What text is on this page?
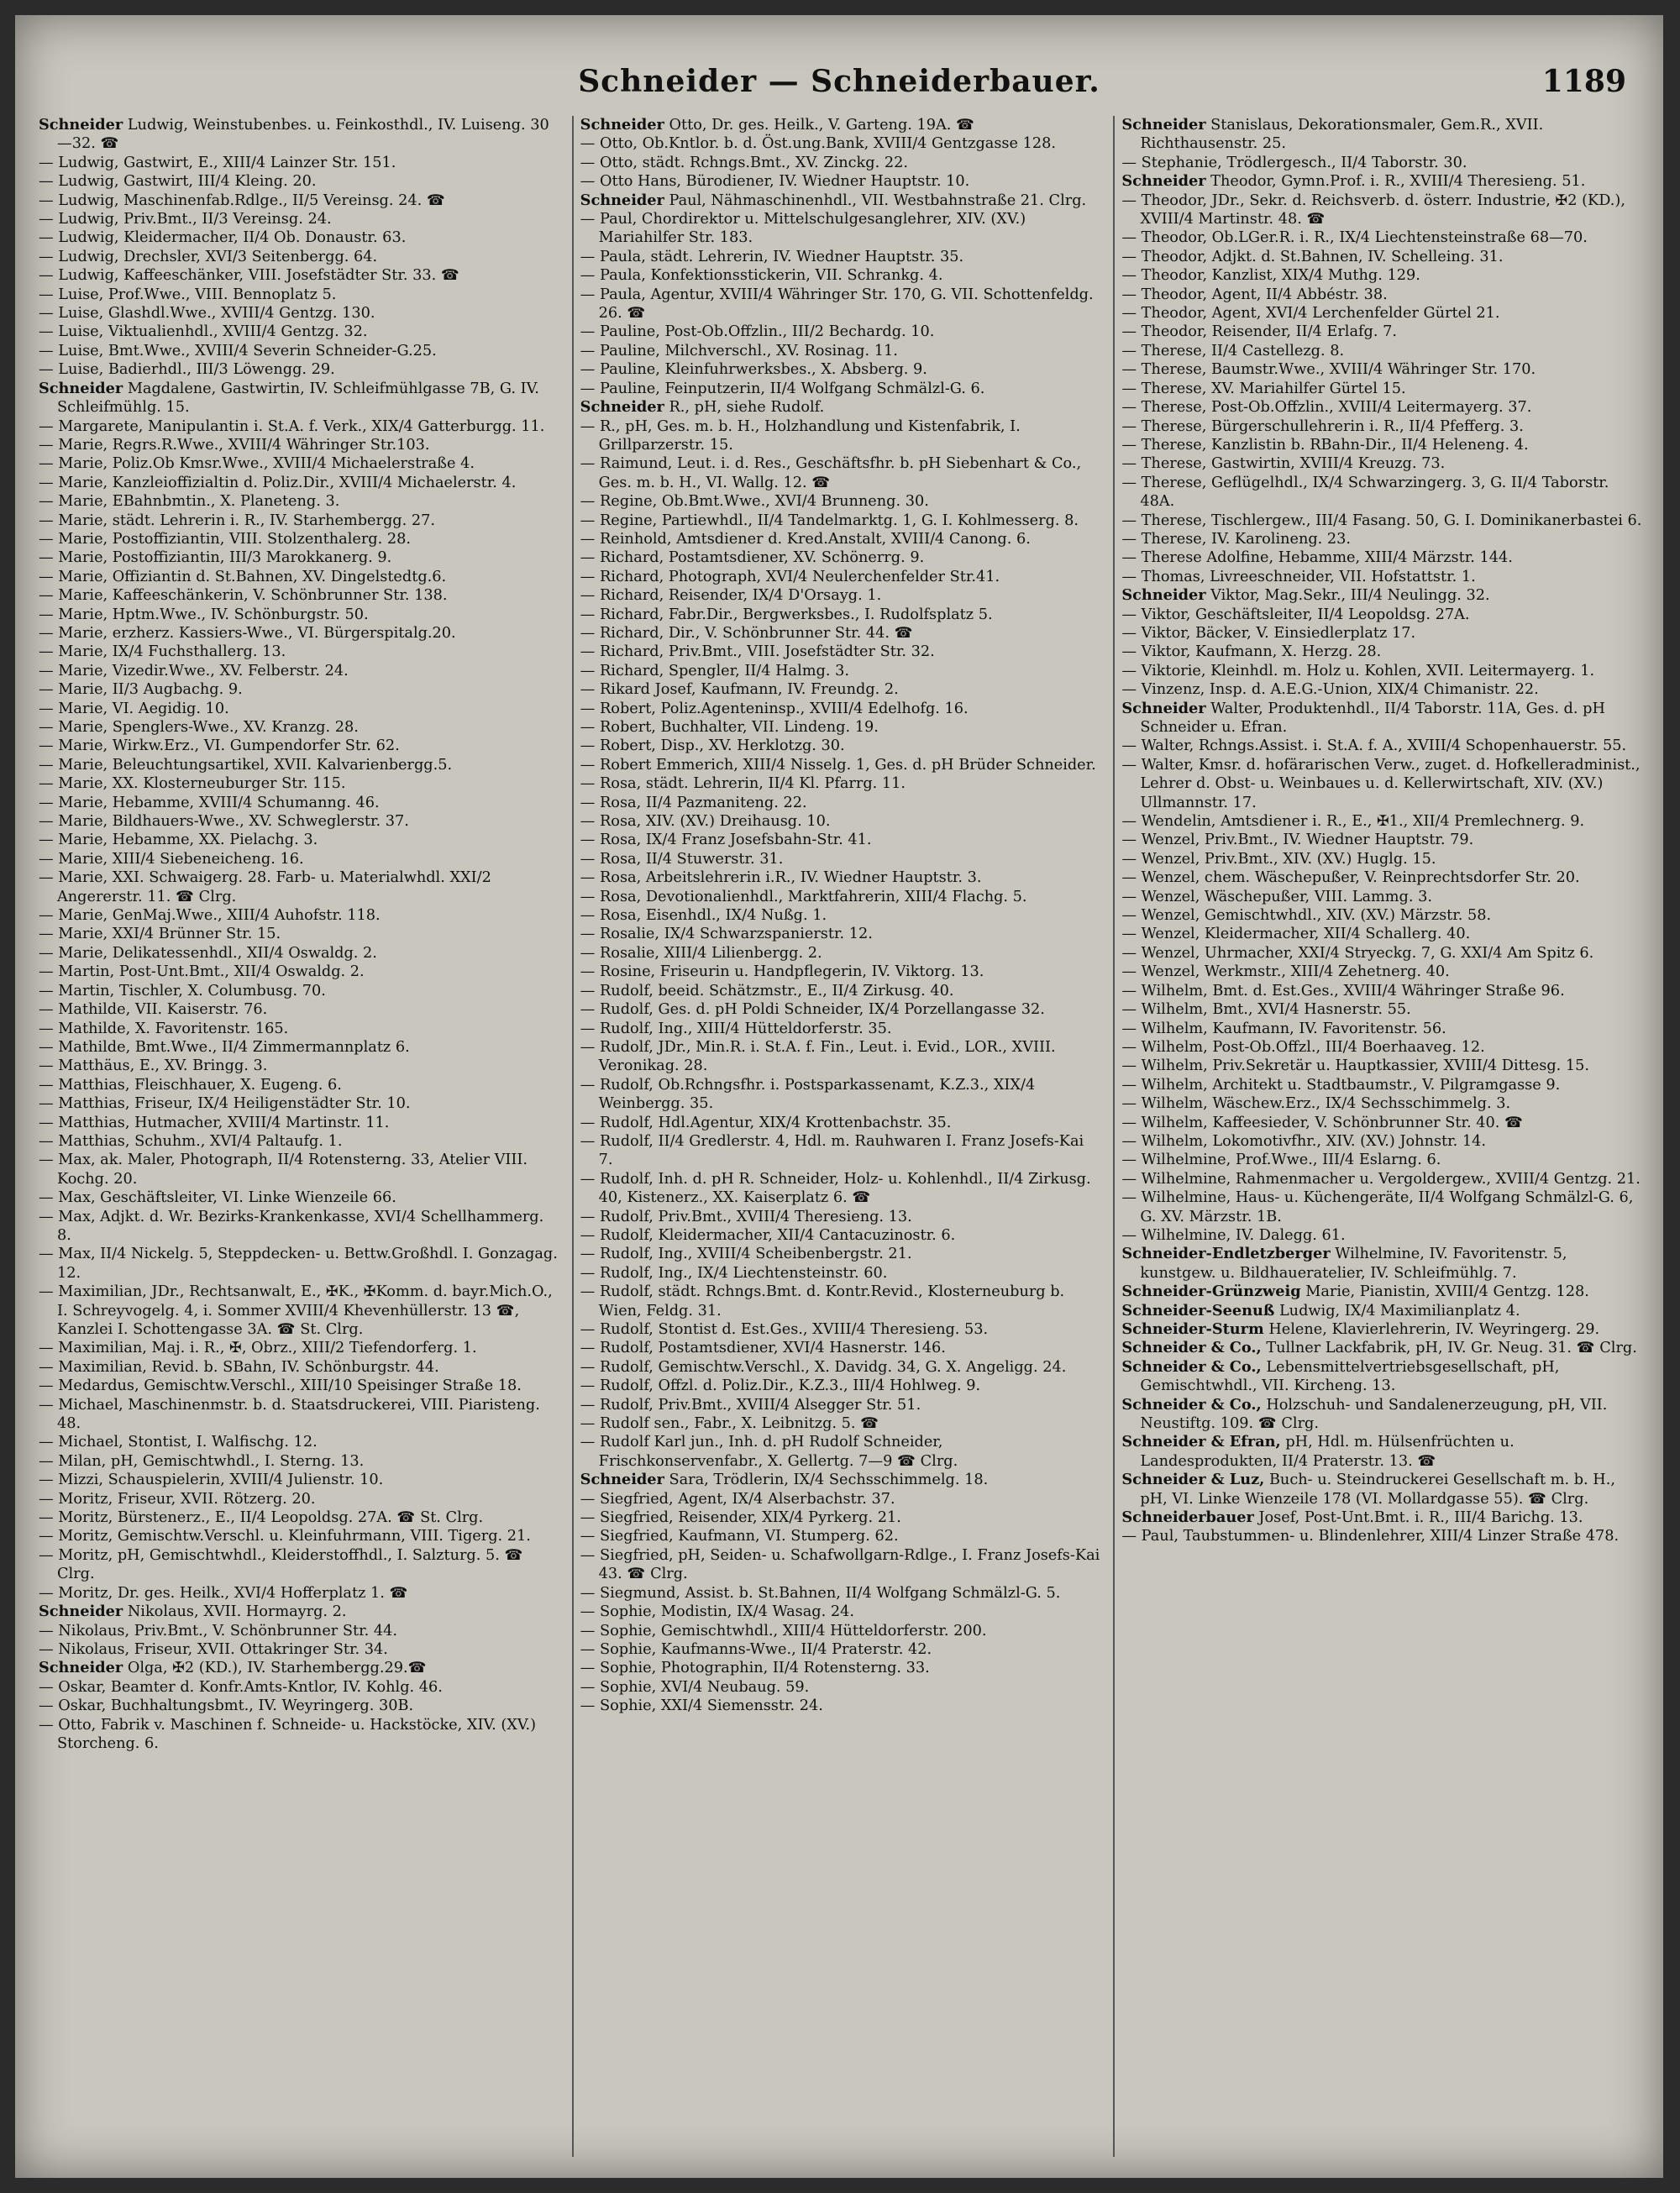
Schneider — Schneiderbauer.	1189

Schneider Ludwig, Weinstubenbes. u. Feinkosthdl., IV. Luiseng. 30—32. ☎

— Ludwig, Gastwirt, E., XIII/4 Lainzer Str. 151.

— Ludwig, Gastwirt, III/4 Kleing. 20.

— Ludwig, Maschinenfab.Rdlge., II/5 Vereinsg. 24. ☎

— Ludwig, Priv.Bmt., II/3 Vereinsg. 24.

— Ludwig, Kleidermacher, II/4 Ob. Donaustr. 63.

— Ludwig, Drechsler, XVI/3 Seitenbergg. 64.

— Ludwig, Kaffeeschänker, VIII. Josefstädter Str. 33. ☎

— Luise, Prof.Wwe., VIII. Bennoplatz 5.

— Luise, Glashdl.Wwe., XVIII/4 Gentzg. 130.

— Luise, Viktualienhdl., XVIII/4 Gentzg. 32.

— Luise, Bmt.Wwe., XVIII/4 Severin Schneider-G.25.

— Luise, Badierhdl., III/3 Löwengg. 29.

Schneider Magdalene, Gastwirtin, IV. Schleifmühlgasse 7B, G. IV. Schleifmühlg. 15.

— Margarete, Manipulantin i. St.A. f. Verk., XIX/4 Gatterburgg. 11.

— Marie, Regrs.R.Wwe., XVIII/4 Währinger Str.103.

— Marie, Poliz.Ob Kmsr.Wwe., XVIII/4 Michaelerstraße 4.

— Marie, Kanzleioffizialtin d. Poliz.Dir., XVIII/4 Michaelerstr. 4.

— Marie, EBahnbmtin., X. Planeteng. 3.

— Marie, städt. Lehrerin i. R., IV. Starhembergg. 27.

— Marie, Postoffiziantin, VIII. Stolzenthalerg. 28.

— Marie, Postoffiziantin, III/3 Marokkanerg. 9.

— Marie, Offiziantin d. St.Bahnen, XV. Dingelstedtg.6.

— Marie, Kaffeeschänkerin, V. Schönbrunner Str. 138.

— Marie, Hptm.Wwe., IV. Schönburgstr. 50.

— Marie, erzherz. Kassiers-Wwe., VI. Bürgerspitalg.20.

— Marie, IX/4 Fuchsthallerg. 13.

— Marie, Vizedir.Wwe., XV. Felberstr. 24.

— Marie, II/3 Augbachg. 9.

— Marie, VI. Aegidig. 10.

— Marie, Spenglers-Wwe., XV. Kranzg. 28.

— Marie, Wirkw.Erz., VI. Gumpendorfer Str. 62.

— Marie, Beleuchtungsartikel, XVII. Kalvarienbergg.5.

— Marie, XX. Klosterneuburger Str. 115.

— Marie, Hebamme, XVIII/4 Schumanng. 46.

— Marie, Bildhauers-Wwe., XV. Schweglerstr. 37.

— Marie, Hebamme, XX. Pielachg. 3.

— Marie, XIII/4 Siebeneicheng. 16.

— Marie, XXI. Schwaigerg. 28. Farb- u. Materialwhdl. XXI/2 Angererstr. 11. ☎ Clrg.

— Marie, GenMaj.Wwe., XIII/4 Auhofstr. 118.

— Marie, XXI/4 Brünner Str. 15.

— Marie, Delikatessenhdl., XII/4 Oswaldg. 2.

— Martin, Post-Unt.Bmt., XII/4 Oswaldg. 2.

— Martin, Tischler, X. Columbusg. 70.

— Mathilde, VII. Kaiserstr. 76.

— Mathilde, X. Favoritenstr. 165.

— Mathilde, Bmt.Wwe., II/4 Zimmermannplatz 6.

— Matthäus, E., XV. Bringg. 3.

— Matthias, Fleischhauer, X. Eugeng. 6.

— Matthias, Friseur, IX/4 Heiligenstädter Str. 10.

— Matthias, Hutmacher, XVIII/4 Martinstr. 11.

— Matthias, Schuhm., XVI/4 Paltaufg. 1.

— Max, ak. Maler, Photograph, II/4 Rotensterng. 33, Atelier VIII. Kochg. 20.

— Max, Geschäftsleiter, VI. Linke Wienzeile 66.

— Max, Adjkt. d. Wr. Bezirks-Krankenkasse, XVI/4 Schellhammerg. 8.

— Max, II/4 Nickelg. 5, Steppdecken- u. Bettw.Großhdl. I. Gonzagag. 12.

— Maximilian, JDr., Rechtsanwalt, E., ✠K., ✠Komm. d. bayr.Mich.O., I. Schreyvogelg. 4, i. Sommer XVIII/4 Khevenhüllerstr. 13 ☎, Kanzlei I. Schottengasse 3A. ☎ St. Clrg.

— Maximilian, Maj. i. R., ✠, Obrz., XIII/2 Tiefendorferg. 1.

— Maximilian, Revid. b. SBahn, IV. Schönburgstr. 44.

— Medardus, Gemischtw.Verschl., XIII/10 Speisinger Straße 18.

— Michael, Maschinenmstr. b. d. Staatsdruckerei, VIII. Piaristeng. 48.

— Michael, Stontist, I. Walfischg. 12.

— Milan, pH, Gemischtwhdl., I. Sterng. 13.

— Mizzi, Schauspielerin, XVIII/4 Julienstr. 10.

— Moritz, Friseur, XVII. Rötzerg. 20.

— Moritz, Bürstenerz., E., II/4 Leopoldsg. 27A. ☎ St. Clrg.

— Moritz, Gemischtw.Verschl. u. Kleinfuhrmann, VIII. Tigerg. 21.

— Moritz, pH, Gemischtwhdl., Kleiderstoffhdl., I. Salzturg. 5. ☎ Clrg.

— Moritz, Dr. ges. Heilk., XVI/4 Hofferplatz 1. ☎

Schneider Nikolaus, XVII. Hormayrg. 2.

— Nikolaus, Priv.Bmt., V. Schönbrunner Str. 44.

— Nikolaus, Friseur, XVII. Ottakringer Str. 34.

Schneider Olga, ✠2 (KD.), IV. Starhembergg.29.☎

— Oskar, Beamter d. Konfr.Amts-Kntlor, IV. Kohlg. 46.

— Oskar, Buchhaltungsbmt., IV. Weyringerg. 30B.

— Otto, Fabrik v. Maschinen f. Schneide- u. Hackstöcke, XIV. (XV.) Storcheng. 6.

Schneider Otto, Dr. ges. Heilk., V. Garteng. 19A. ☎

— Otto, Ob.Kntlor. b. d. Öst.ung.Bank, XVIII/4 Gentzgasse 128.

— Otto, städt. Rchngs.Bmt., XV. Zinckg. 22.

— Otto Hans, Bürodiener, IV. Wiedner Hauptstr. 10.

Schneider Paul, Nähmaschinenhdl., VII. Westbahnstraße 21. Clrg.

— Paul, Chordirektor u. Mittelschulgesanglehrer, XIV. (XV.) Mariahilfer Str. 183.

— Paula, städt. Lehrerin, IV. Wiedner Hauptstr. 35.

— Paula, Konfektionsstickerin, VII. Schrankg. 4.

— Paula, Agentur, XVIII/4 Währinger Str. 170, G. VII. Schottenfeldg. 26. ☎

— Pauline, Post-Ob.Offzlin., III/2 Bechardg. 10.

— Pauline, Milchverschl., XV. Rosinag. 11.

— Pauline, Kleinfuhrwerksbes., X. Absberg. 9.

— Pauline, Feinputzerin, II/4 Wolfgang Schmälzl-G. 6.

Schneider R., pH, siehe Rudolf.

— R., pH, Ges. m. b. H., Holzhandlung und Kistenfabrik, I. Grillparzerstr. 15.

— Raimund, Leut. i. d. Res., Geschäftsfhr. b. pH Siebenhart & Co., Ges. m. b. H., VI. Wallg. 12. ☎

— Regine, Ob.Bmt.Wwe., XVI/4 Brunneng. 30.

— Regine, Partiewhdl., II/4 Tandelmarktg. 1, G. I. Kohlmesserg. 8.

— Reinhold, Amtsdiener d. Kred.Anstalt, XVIII/4 Canong. 6.

— Richard, Postamtsdiener, XV. Schönerrg. 9.

— Richard, Photograph, XVI/4 Neulerchenfelder Str.41.

— Richard, Reisender, IX/4 D'Orsayg. 1.

— Richard, Fabr.Dir., Bergwerksbes., I. Rudolfsplatz 5.

— Richard, Dir., V. Schönbrunner Str. 44. ☎

— Richard, Priv.Bmt., VIII. Josefstädter Str. 32.

— Richard, Spengler, II/4 Halmg. 3.

— Rikard Josef, Kaufmann, IV. Freundg. 2.

— Robert, Poliz.Agenteninsp., XVIII/4 Edelhofg. 16.

— Robert, Buchhalter, VII. Lindeng. 19.

— Robert, Disp., XV. Herklotzg. 30.

— Robert Emmerich, XIII/4 Nisselg. 1, Ges. d. pH Brüder Schneider.

— Rosa, städt. Lehrerin, II/4 Kl. Pfarrg. 11.

— Rosa, II/4 Pazmaniteng. 22.

— Rosa, XIV. (XV.) Dreihausg. 10.

— Rosa, IX/4 Franz Josefsbahn-Str. 41.

— Rosa, II/4 Stuwerstr. 31.

— Rosa, Arbeitslehrerin i.R., IV. Wiedner Hauptstr. 3.

— Rosa, Devotionalienhdl., Marktfahrerin, XIII/4 Flachg. 5.

— Rosa, Eisenhdl., IX/4 Nußg. 1.

— Rosalie, IX/4 Schwarzspanierstr. 12.

— Rosalie, XIII/4 Lilienbergg. 2.

— Rosine, Friseurin u. Handpflegerin, IV. Viktorg. 13.

— Rudolf, beeid. Schätzmstr., E., II/4 Zirkusg. 40.

— Rudolf, Ges. d. pH Poldi Schneider, IX/4 Porzellangasse 32.

— Rudolf, Ing., XIII/4 Hütteldorferstr. 35.

— Rudolf, JDr., Min.R. i. St.A. f. Fin., Leut. i. Evid., LOR., XVIII. Veronikag. 28.

— Rudolf, Ob.Rchngsfhr. i. Postsparkassenamt, K.Z.3., XIX/4 Weinbergg. 35.

— Rudolf, Hdl.Agentur, XIX/4 Krottenbachstr. 35.

— Rudolf, II/4 Gredlerstr. 4, Hdl. m. Rauhwaren I. Franz Josefs-Kai 7.

— Rudolf, Inh. d. pH R. Schneider, Holz- u. Kohlenhdl., II/4 Zirkusg. 40, Kistenerz., XX. Kaiserplatz 6. ☎

— Rudolf, Priv.Bmt., XVIII/4 Theresieng. 13.

— Rudolf, Kleidermacher, XII/4 Cantacuzinostr. 6.

— Rudolf, Ing., XVIII/4 Scheibenbergstr. 21.

— Rudolf, Ing., IX/4 Liechtensteinstr. 60.

— Rudolf, städt. Rchngs.Bmt. d. Kontr.Revid., Klosterneuburg b. Wien, Feldg. 31.

— Rudolf, Stontist d. Est.Ges., XVIII/4 Theresieng. 53.

— Rudolf, Postamtsdiener, XVI/4 Hasnerstr. 146.

— Rudolf, Gemischtw.Verschl., X. Davidg. 34, G. X. Angeligg. 24.

— Rudolf, Offzl. d. Poliz.Dir., K.Z.3., III/4 Hohlweg. 9.

— Rudolf, Priv.Bmt., XVIII/4 Alsegger Str. 51.

— Rudolf sen., Fabr., X. Leibnitzg. 5. ☎

— Rudolf Karl jun., Inh. d. pH Rudolf Schneider, Frischkonservenfabr., X. Gellertg. 7—9 ☎ Clrg.

Schneider Sara, Trödlerin, IX/4 Sechsschimmelg. 18.

— Siegfried, Agent, IX/4 Alserbachstr. 37.

— Siegfried, Reisender, XIX/4 Pyrkerg. 21.

— Siegfried, Kaufmann, VI. Stumperg. 62.

— Siegfried, pH, Seiden- u. Schafwollgarn-Rdlge., I. Franz Josefs-Kai 43. ☎ Clrg.

— Siegmund, Assist. b. St.Bahnen, II/4 Wolfgang Schmälzl-G. 5.

— Sophie, Modistin, IX/4 Wasag. 24.

— Sophie, Gemischtwhdl., XIII/4 Hütteldorferstr. 200.

— Sophie, Kaufmanns-Wwe., II/4 Praterstr. 42.

— Sophie, Photographin, II/4 Rotensterng. 33.

— Sophie, XVI/4 Neubaug. 59.

— Sophie, XXI/4 Siemensstr. 24.

Schneider Stanislaus, Dekorationsmaler, Gem.R., XVII. Richthausenstr. 25.

— Stephanie, Trödlergesch., II/4 Taborstr. 30.

Schneider Theodor, Gymn.Prof. i. R., XVIII/4 Theresieng. 51.

— Theodor, JDr., Sekr. d. Reichsverb. d. österr. Industrie, ✠2 (KD.), XVIII/4 Martinstr. 48. ☎

— Theodor, Ob.LGer.R. i. R., IX/4 Liechtensteinstraße 68—70.

— Theodor, Adjkt. d. St.Bahnen, IV. Schelleing. 31.

— Theodor, Kanzlist, XIX/4 Muthg. 129.

— Theodor, Agent, II/4 Abbéstr. 38.

— Theodor, Agent, XVI/4 Lerchenfelder Gürtel 21.

— Theodor, Reisender, II/4 Erlafg. 7.

— Therese, II/4 Castellezg. 8.

— Therese, Baumstr.Wwe., XVIII/4 Währinger Str. 170.

— Therese, XV. Mariahilfer Gürtel 15.

— Therese, Post-Ob.Offzlin., XVIII/4 Leitermayerg. 37.

— Therese, Bürgerschullehrerin i. R., II/4 Pfefferg. 3.

— Therese, Kanzlistin b. RBahn-Dir., II/4 Heleneng. 4.

— Therese, Gastwirtin, XVIII/4 Kreuzg. 73.

— Therese, Geflügelhdl., IX/4 Schwarzingerg. 3, G. II/4 Taborstr. 48A.

— Therese, Tischlergew., III/4 Fasang. 50, G. I. Dominikanerbastei 6.

— Therese, IV. Karolineng. 23.

— Therese Adolfine, Hebamme, XIII/4 Märzstr. 144.

— Thomas, Livreeschneider, VII. Hofstattstr. 1.

Schneider Viktor, Mag.Sekr., III/4 Neulingg. 32.

— Viktor, Geschäftsleiter, II/4 Leopoldsg. 27A.

— Viktor, Bäcker, V. Einsiedlerplatz 17.

— Viktor, Kaufmann, X. Herzg. 28.

— Viktorie, Kleinhdl. m. Holz u. Kohlen, XVII. Leitermayerg. 1.

— Vinzenz, Insp. d. A.E.G.-Union, XIX/4 Chimanistr. 22.

Schneider Walter, Produktenhdl., II/4 Taborstr. 11A, Ges. d. pH Schneider u. Efran.

— Walter, Rchngs.Assist. i. St.A. f. A., XVIII/4 Schopenhauerstr. 55.

— Walter, Kmsr. d. hofärarischen Verw., zuget. d. Hofkelleradminist., Lehrer d. Obst- u. Weinbaues u. d. Kellerwirtschaft, XIV. (XV.) Ullmannstr. 17.

— Wendelin, Amtsdiener i. R., E., ✠1., XII/4 Premlechnerg. 9.

— Wenzel, Priv.Bmt., IV. Wiedner Hauptstr. 79.

— Wenzel, Priv.Bmt., XIV. (XV.) Huglg. 15.

— Wenzel, chem. Wäschepußer, V. Reinprechtsdorfer Str. 20.

— Wenzel, Wäschepußer, VIII. Lammg. 3.

— Wenzel, Gemischtwhdl., XIV. (XV.) Märzstr. 58.

— Wenzel, Kleidermacher, XII/4 Schallerg. 40.

— Wenzel, Uhrmacher, XXI/4 Stryeckg. 7, G. XXI/4 Am Spitz 6.

— Wenzel, Werkmstr., XIII/4 Zehetnerg. 40.

— Wilhelm, Bmt. d. Est.Ges., XVIII/4 Währinger Straße 96.

— Wilhelm, Bmt., XVI/4 Hasnerstr. 55.

— Wilhelm, Kaufmann, IV. Favoritenstr. 56.

— Wilhelm, Post-Ob.Offzl., III/4 Boerhaaveg. 12.

— Wilhelm, Priv.Sekretär u. Hauptkassier, XVIII/4 Dittesg. 15.

— Wilhelm, Architekt u. Stadtbaumstr., V. Pilgramgasse 9.

— Wilhelm, Wäschew.Erz., IX/4 Sechsschimmelg. 3.

— Wilhelm, Kaffeesieder, V. Schönbrunner Str. 40. ☎

— Wilhelm, Lokomotivfhr., XIV. (XV.) Johnstr. 14.

— Wilhelmine, Prof.Wwe., III/4 Eslarng. 6.

— Wilhelmine, Rahmenmacher u. Vergoldergew., XVIII/4 Gentzg. 21.

— Wilhelmine, Haus- u. Küchengeräte, II/4 Wolfgang Schmälzl-G. 6, G. XV. Märzstr. 1B.

— Wilhelmine, IV. Dalegg. 61.

Schneider-Endletzberger Wilhelmine, IV. Favoritenstr. 5, kunstgew. u. Bildhaueratelier, IV. Schleifmühlg. 7.

Schneider-Grünzweig Marie, Pianistin, XVIII/4 Gentzg. 128.

Schneider-Seenuß Ludwig, IX/4 Maximilianplatz 4.

Schneider-Sturm Helene, Klavierlehrerin, IV. Weyringerg. 29.

Schneider & Co., Tullner Lackfabrik, pH, IV. Gr. Neug. 31. ☎ Clrg.

Schneider & Co., Lebensmittelvertriebsgesellschaft, pH, Gemischtwhdl., VII. Kircheng. 13.

Schneider & Co., Holzschuh- und Sandalenerzeugung, pH, VII. Neustiftg. 109. ☎ Clrg.

Schneider & Efran, pH, Hdl. m. Hülsenfrüchten u. Landesprodukten, II/4 Praterstr. 13. ☎

Schneider & Luz, Buch- u. Steindruckerei Gesellschaft m. b. H., pH, VI. Linke Wienzeile 178 (VI. Mollardgasse 55). ☎ Clrg.

Schneiderbauer Josef, Post-Unt.Bmt. i. R., III/4 Barichg. 13.

— Paul, Taubstummen- u. Blindenlehrer, XIII/4 Linzer Straße 478.
